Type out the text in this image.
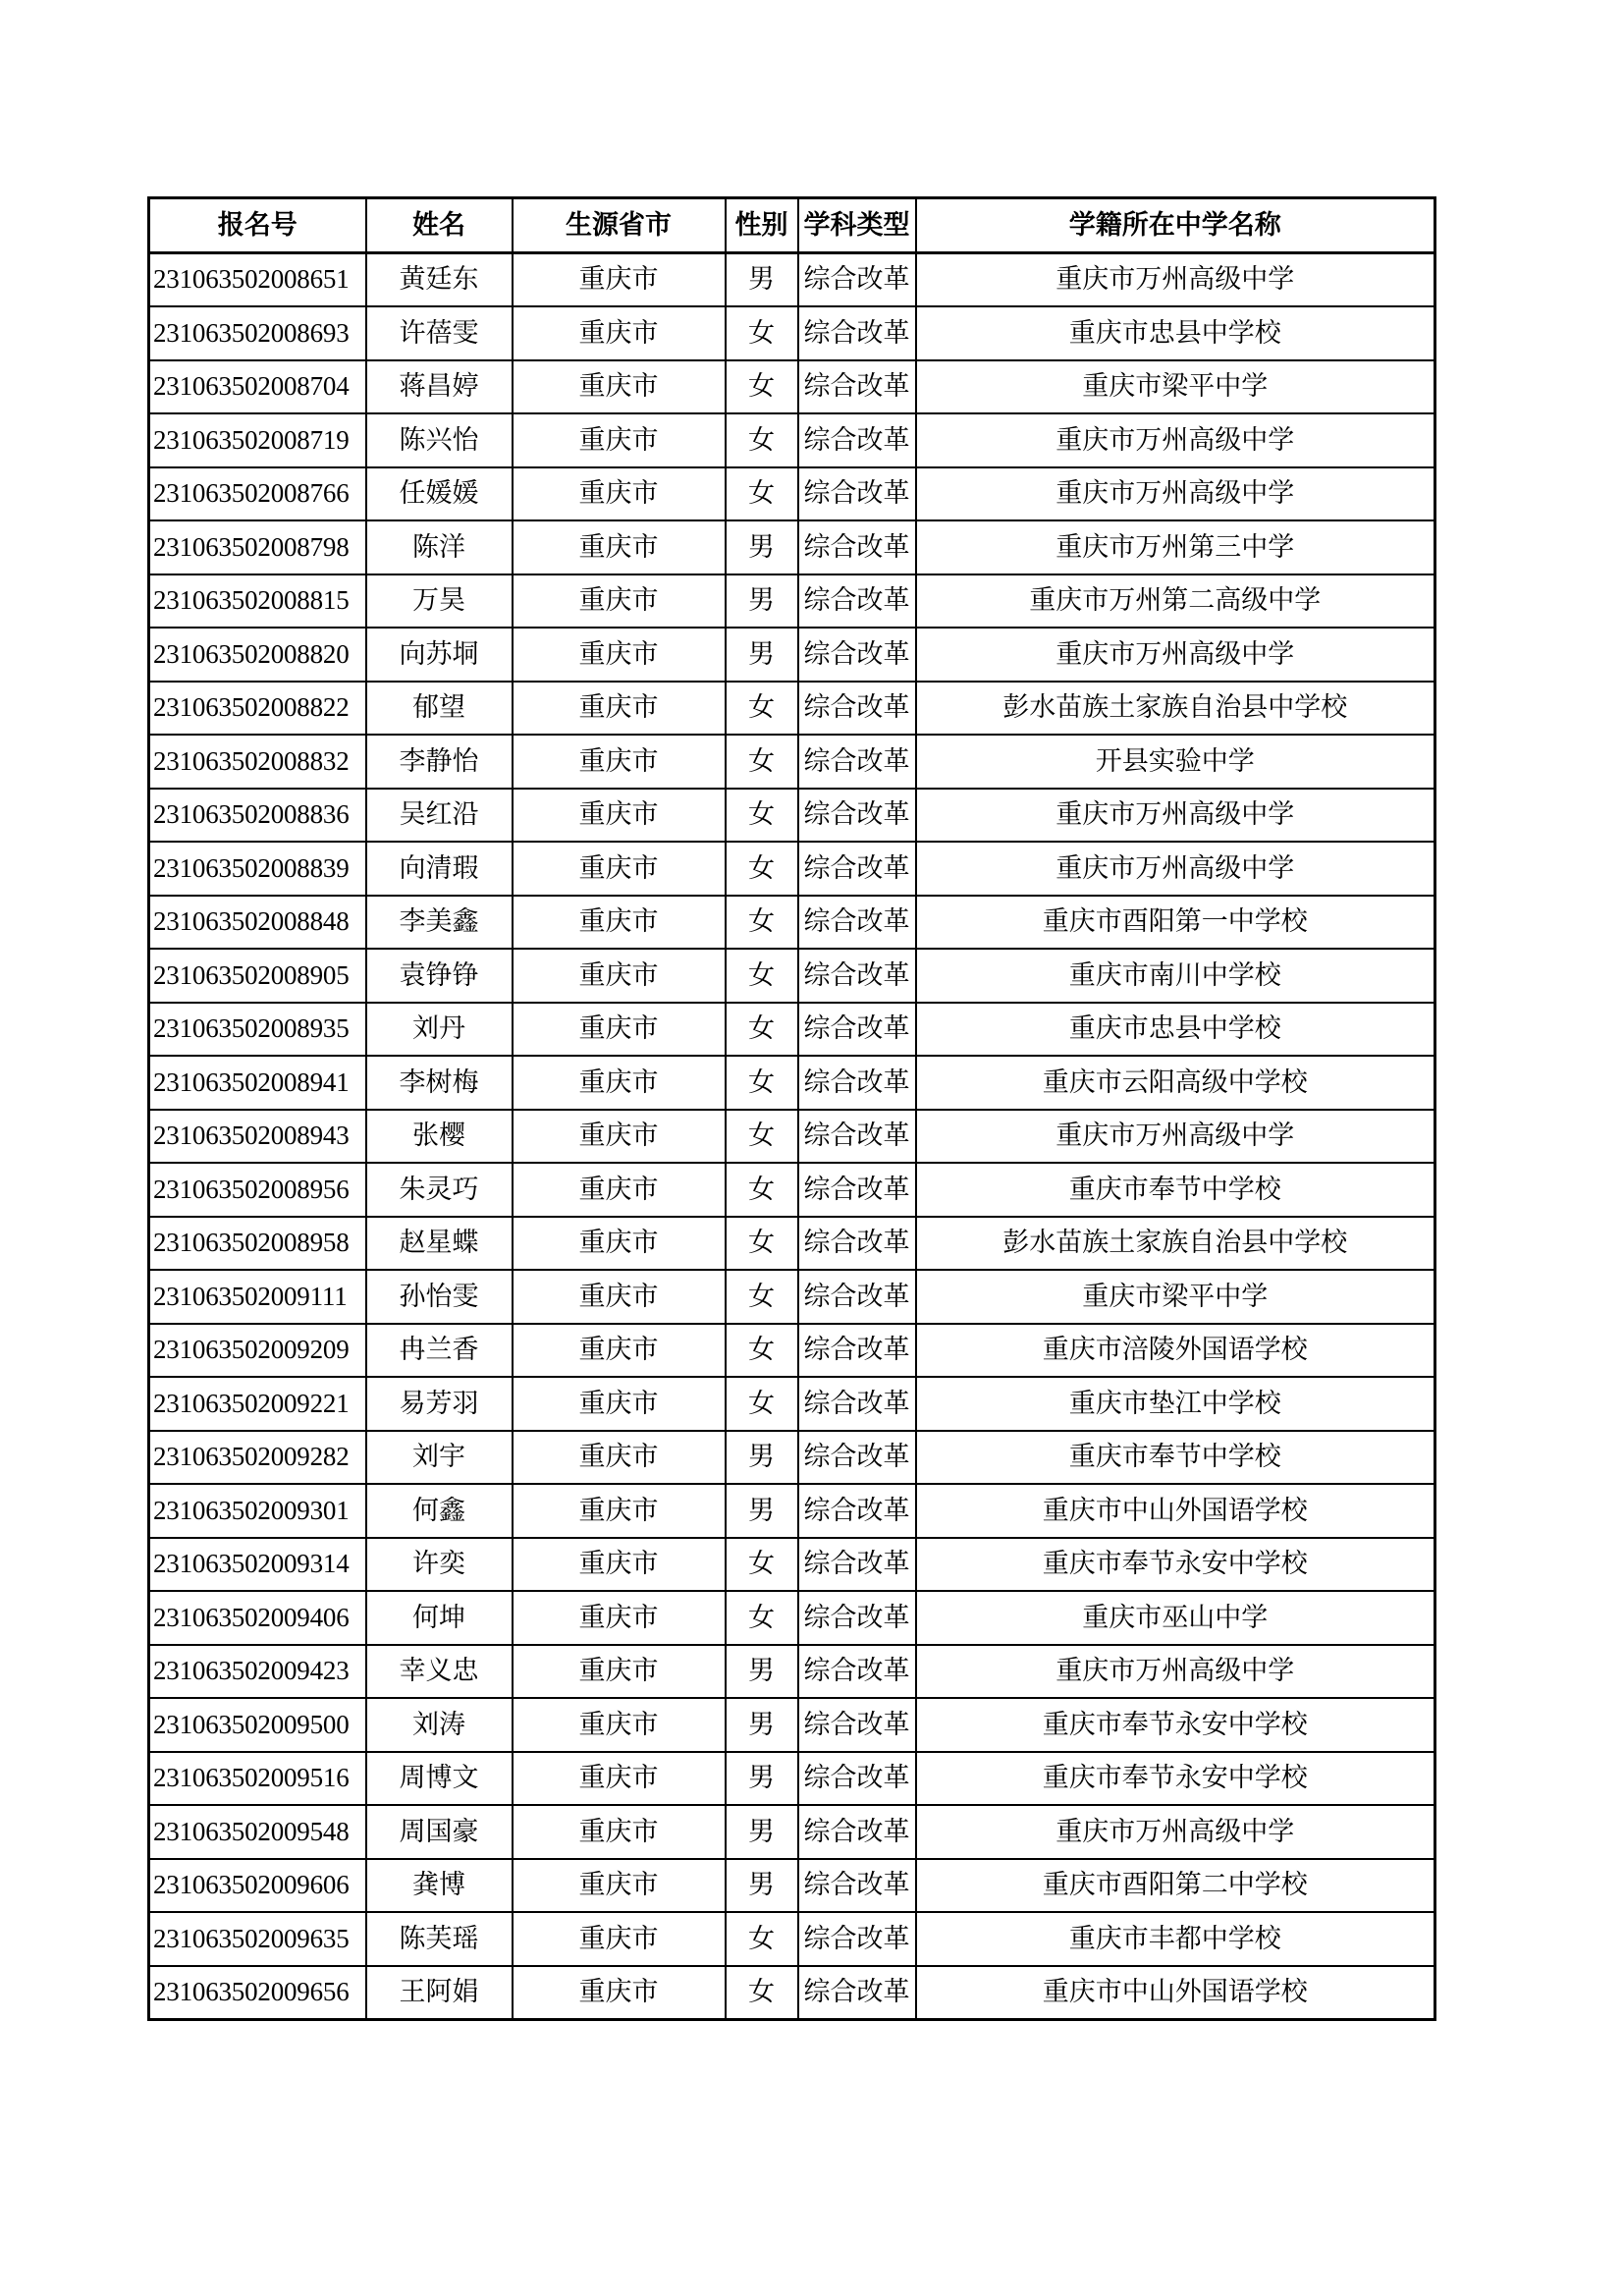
报名号	姓名	生源省市	性别	学科类型	学籍所在中学名称
231063502008651	黄廷东	重庆市	男	综合改革	重庆市万州高级中学
231063502008693	许蓓雯	重庆市	女	综合改革	重庆市忠县中学校
231063502008704	蒋昌婷	重庆市	女	综合改革	重庆市梁平中学
231063502008719	陈兴怡	重庆市	女	综合改革	重庆市万州高级中学
231063502008766	任媛媛	重庆市	女	综合改革	重庆市万州高级中学
231063502008798	陈洋	重庆市	男	综合改革	重庆市万州第三中学
231063502008815	万昊	重庆市	男	综合改革	重庆市万州第二高级中学
231063502008820	向苏垌	重庆市	男	综合改革	重庆市万州高级中学
231063502008822	郁望	重庆市	女	综合改革	彭水苗族土家族自治县中学校
231063502008832	李静怡	重庆市	女	综合改革	开县实验中学
231063502008836	吴红沿	重庆市	女	综合改革	重庆市万州高级中学
231063502008839	向清瑕	重庆市	女	综合改革	重庆市万州高级中学
231063502008848	李美鑫	重庆市	女	综合改革	重庆市酉阳第一中学校
231063502008905	袁铮铮	重庆市	女	综合改革	重庆市南川中学校
231063502008935	刘丹	重庆市	女	综合改革	重庆市忠县中学校
231063502008941	李树梅	重庆市	女	综合改革	重庆市云阳高级中学校
231063502008943	张樱	重庆市	女	综合改革	重庆市万州高级中学
231063502008956	朱灵巧	重庆市	女	综合改革	重庆市奉节中学校
231063502008958	赵星蝶	重庆市	女	综合改革	彭水苗族土家族自治县中学校
231063502009111	孙怡雯	重庆市	女	综合改革	重庆市梁平中学
231063502009209	冉兰香	重庆市	女	综合改革	重庆市涪陵外国语学校
231063502009221	易芳羽	重庆市	女	综合改革	重庆市垫江中学校
231063502009282	刘宇	重庆市	男	综合改革	重庆市奉节中学校
231063502009301	何鑫	重庆市	男	综合改革	重庆市中山外国语学校
231063502009314	许奕	重庆市	女	综合改革	重庆市奉节永安中学校
231063502009406	何坤	重庆市	女	综合改革	重庆市巫山中学
231063502009423	幸义忠	重庆市	男	综合改革	重庆市万州高级中学
231063502009500	刘涛	重庆市	男	综合改革	重庆市奉节永安中学校
231063502009516	周博文	重庆市	男	综合改革	重庆市奉节永安中学校
231063502009548	周国豪	重庆市	男	综合改革	重庆市万州高级中学
231063502009606	龚博	重庆市	男	综合改革	重庆市酉阳第二中学校
231063502009635	陈芙瑶	重庆市	女	综合改革	重庆市丰都中学校
231063502009656	王阿娟	重庆市	女	综合改革	重庆市中山外国语学校
